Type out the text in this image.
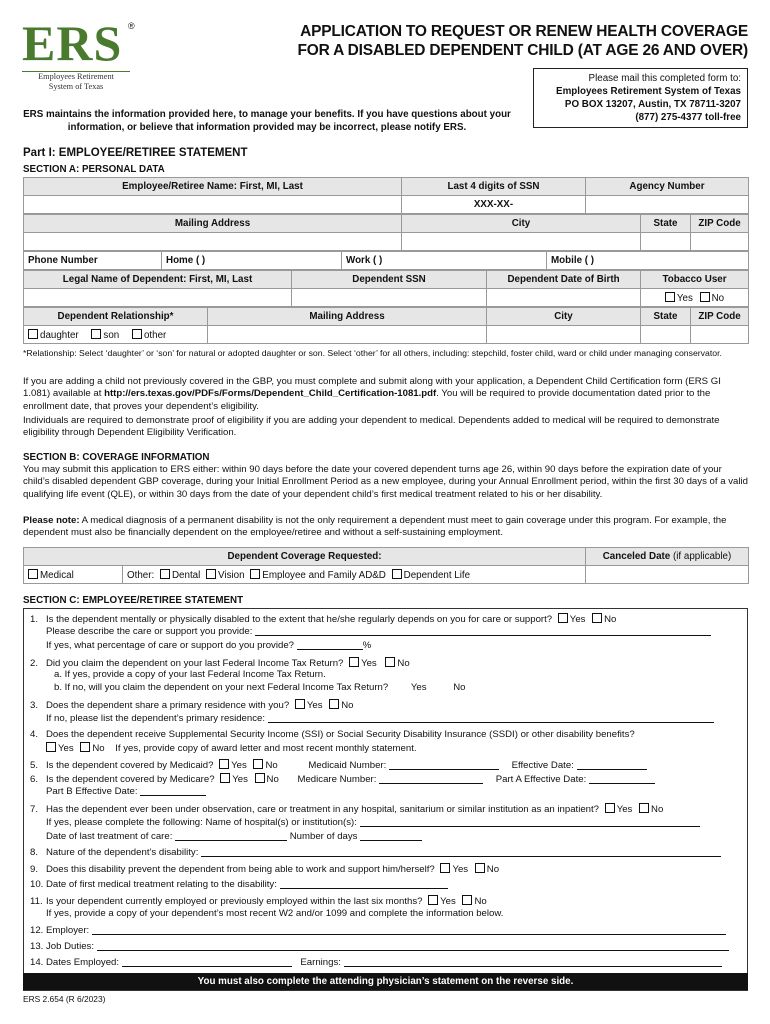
ERS ®
Employees Retirement
System of Texas
APPLICATION TO REQUEST OR RENEW HEALTH COVERAGE
FOR A DISABLED DEPENDENT CHILD (AT AGE 26 AND OVER)
Please mail this completed form to:
Employees Retirement System of Texas
PO BOX 13207, Austin, TX 78711-3207
(877) 275-4377 toll-free
ERS maintains the information provided here, to manage your benefits. If you have questions about your information, or believe that information provided may be incorrect, please notify ERS.
Part I: EMPLOYEE/RETIREE STATEMENT
SECTION A: PERSONAL DATA
Employee/Retiree Name: First, MI, Last	Last 4 digits of SSN	Agency Number
	XXX-XX-	
Mailing Address	City	State	ZIP Code

Phone Number	Home ( )	Work ( )	Mobile ( )
Legal Name of Dependent: First, MI, Last	Dependent SSN	Dependent Date of Birth	Tobacco User
			Yes No
Dependent Relationship*	Mailing Address	City	State	ZIP Code
daughter son other				
*Relationship: Select ‘daughter’ or ‘son’ for natural or adopted daughter or son. Select ‘other’ for all others, including: stepchild, foster child, ward or child under managing conservator.
If you are adding a child not previously covered in the GBP, you must complete and submit along with your application, a Dependent Child Certification form (ERS GI 1.081) available at http://ers.texas.gov/PDFs/Forms/Dependent_Child_Certification-1081.pdf. You will be required to provide documentation dated prior to the enrollment date, that proves your dependent’s eligibility.
Individuals are required to demonstrate proof of eligibility if you are adding your dependent to medical. Dependents added to medical will be required to demonstrate eligibility through Dependent Eligibility Verification.
SECTION B: COVERAGE INFORMATION
You may submit this application to ERS either: within 90 days before the date your covered dependent turns age 26, within 90 days before the expiration date of your child’s disabled dependent GBP coverage, during your Initial Enrollment Period as a new employee, during your Annual Enrollment period, within the first 30 days of a valid qualifying life event (QLE), or within 30 days from the date of your dependent child’s first medical treatment related to his or her disability.
Please note: A medical diagnosis of a permanent disability is not the only requirement a dependent must meet to gain coverage under this program. For example, the dependent must also be financially dependent on the employee/retiree and without a self-sustaining employment.
Dependent Coverage Requested:		Canceled Date (if applicable)
Medical	Other: Dental Vision Employee and Family AD&D Dependent Life	
SECTION C: EMPLOYEE/RETIREE STATEMENT
1. Is the dependent mentally or physically disabled to the extent that he/she regularly depends on you for care or support? Yes No
Please describe the care or support you provide:
If yes, what percentage of care or support do you provide?	%
2. Did you claim the dependent on your last Federal Income Tax Return? Yes No
a. If yes, provide a copy of your last Federal Income Tax Return.
b. If no, will you claim the dependent on your next Federal Income Tax Return? Yes	No
3. Does the dependent share a primary residence with you? Yes No
If no, please list the dependent’s primary residence:
4. Does the dependent receive Supplemental Security Income (SSI) or Social Security Disability Insurance (SSDI) or other disability benefits?
Yes No If yes, provide copy of award letter and most recent monthly statement.
5. Is the dependent covered by Medicaid? Yes No	Medicaid Number:	Effective Date:
6. Is the dependent covered by Medicare? Yes No Medicare Number:	Part A Effective Date:
Part B Effective Date:
7. Has the dependent ever been under observation, care or treatment in any hospital, sanitarium or similar institution as an inpatient? Yes No
If yes, please complete the following: Name of hospital(s) or institution(s):
Date of last treatment of care:	Number of days
8. Nature of the dependent’s disability:
9. Does this disability prevent the dependent from being able to work and support him/herself? Yes No
10. Date of first medical treatment relating to the disability:
11. Is your dependent currently employed or previously employed within the last six months? Yes No
If yes, provide a copy of your dependent’s most recent W2 and/or 1099 and complete the information below.
12. Employer:
13. Job Duties:
14. Dates Employed:	Earnings:
You must also complete the attending physician’s statement on the reverse side.
ERS 2.654 (R 6/2023)
